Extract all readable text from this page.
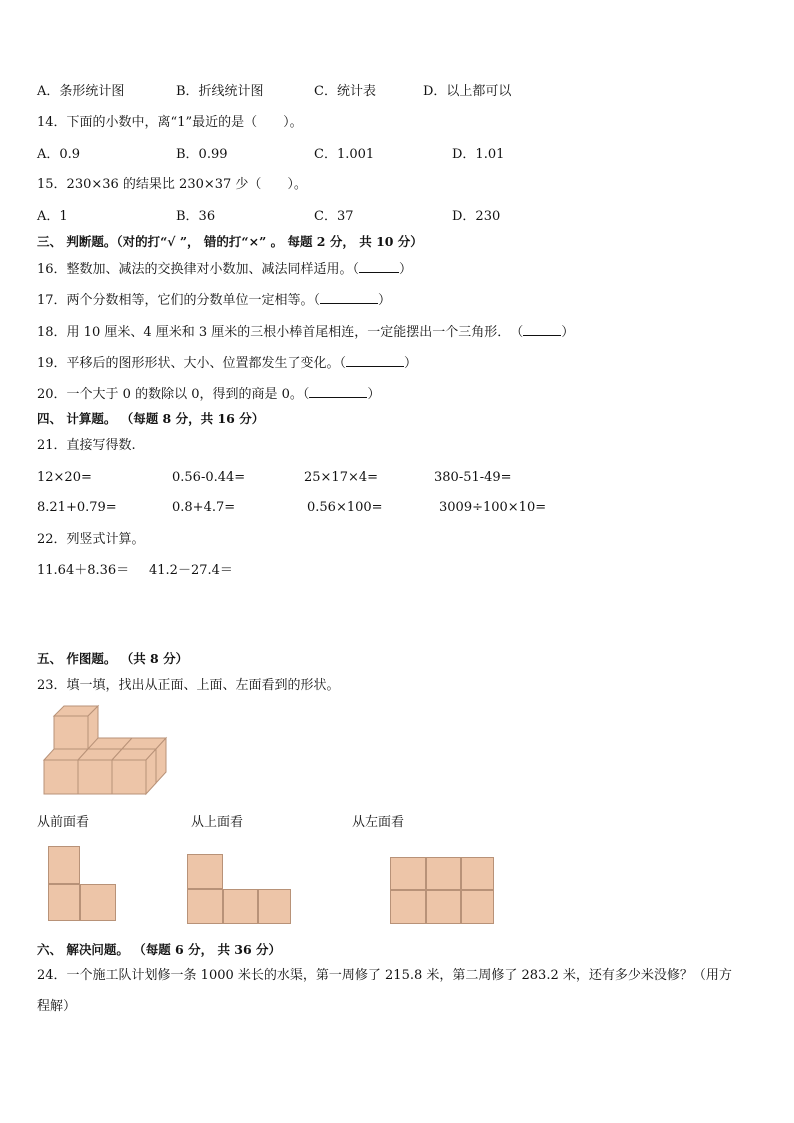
A．条形统计图	B．折线统计图	C．统计表	D．以上都可以
14．下面的小数中，离“1”最近的是（　　）。
A．0.9	B．0.99	C．1.001	D．1.01
15．230×36 的结果比 230×37 少（　　）。
A．1	B．36	C．37	D．230
三、 判断题。（对的打“√ ”， 错的打“×” 。 每题 2 分， 共 10 分）
16．整数加、减法的交换律对小数加、减法同样适用。（	）
17．两个分数相等，它们的分数单位一定相等。（	）
18．用 10 厘米、4 厘米和 3 厘米的三根小棒首尾相连，一定能摆出一个三角形．　（	）
19．平移后的图形形状、大小、位置都发生了变化。（	）
20．一个大于 0 的数除以 0，得到的商是 0。（	）
四、 计算题。 （每题 8 分，共 16 分）
21．直接写得数.
12×20=	0.56-0.44=	25×17×4=	380-51-49=
8.21+0.79=	0.8+4.7=	0.56×100=	3009÷100×10=
22．列竖式计算。
11.64＋8.36＝ 41.2－27.4＝
五、 作图题。 （共 8 分）
23．填一填，找出从正面、上面、左面看到的形状。
从前面看	从上面看	从左面看
六、 解决问题。 （每题 6 分， 共 36 分）
24．一个施工队计划修一条 1000 米长的水渠，第一周修了 215.8 米，第二周修了 283.2 米，还有多少米没修？（用方
程解）
